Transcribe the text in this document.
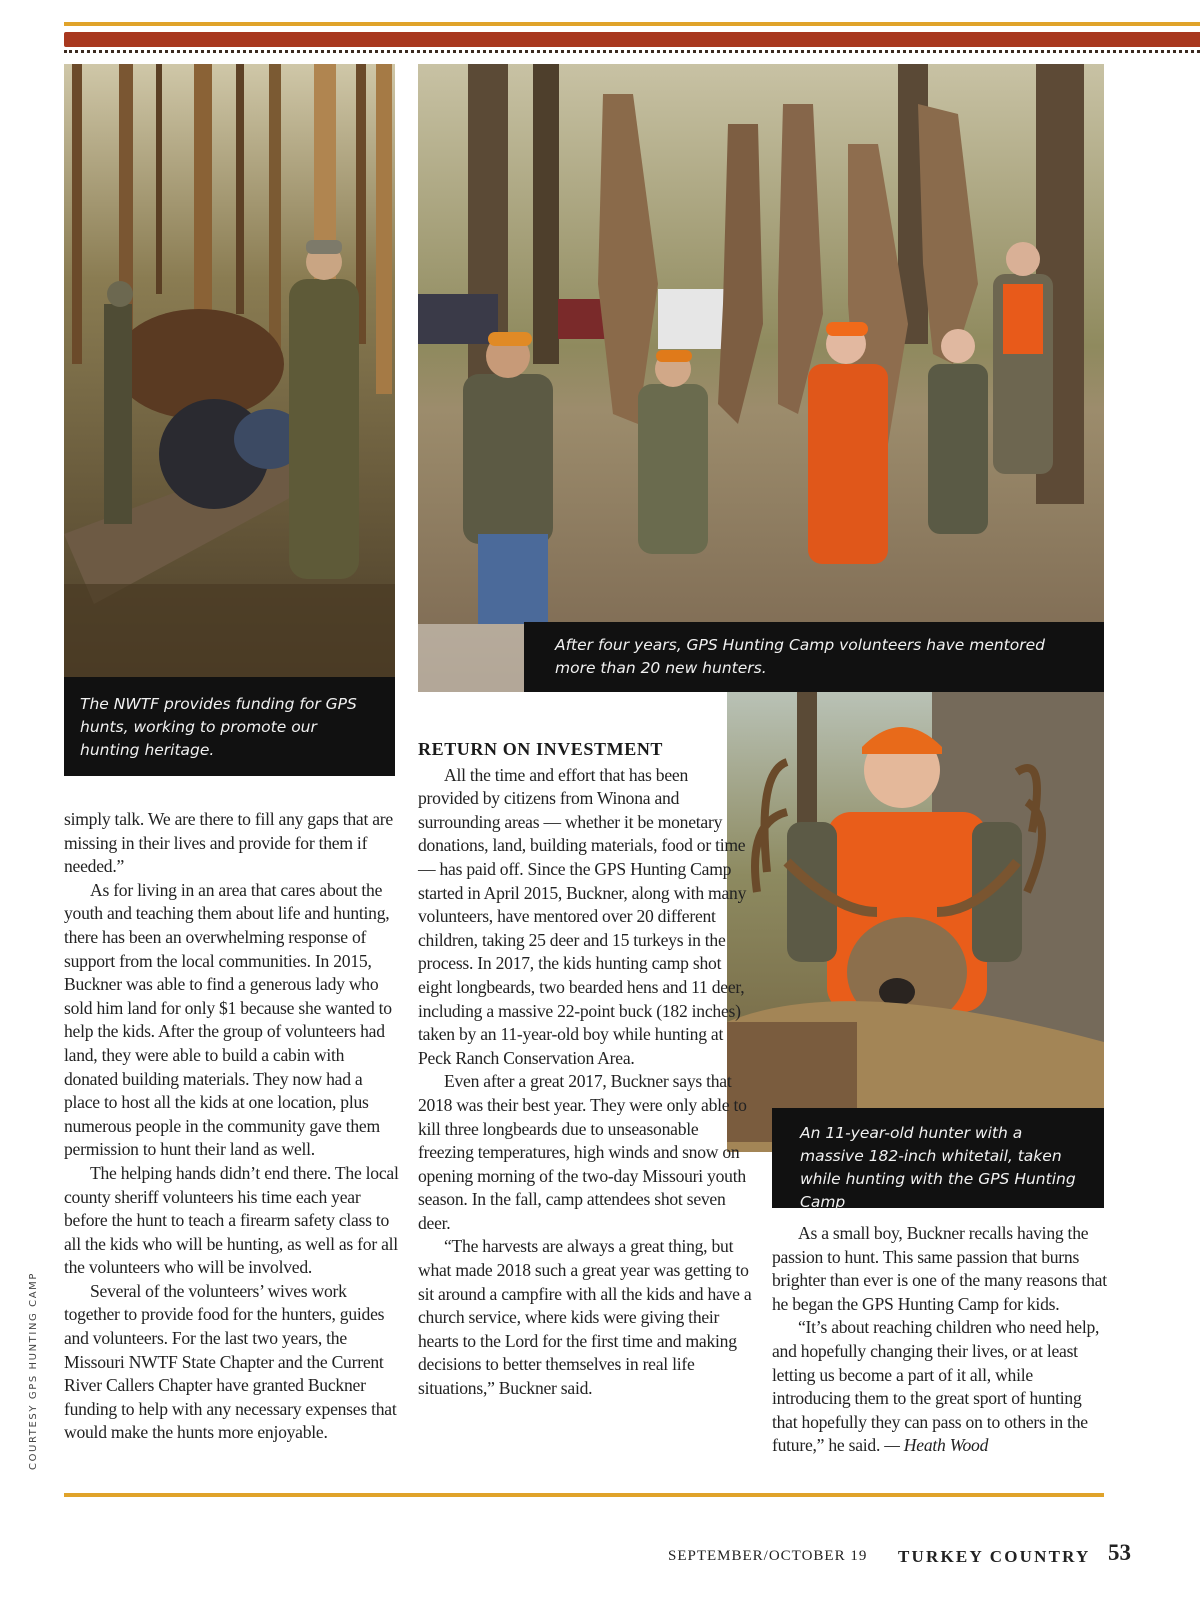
The NWTF provides funding for GPS hunts, working to promote our hunting heritage.
After four years, GPS Hunting Camp volunteers have mentored more than 20 new hunters.
An 11-year-old hunter with a massive 182-inch whitetail, taken while hunting with the GPS Hunting Camp

simply talk. We are there to fill any gaps that are missing in their lives and provide for them if needed.”

As for living in an area that cares about the youth and teaching them about life and hunting, there has been an overwhelming response of support from the local communities. In 2015, Buckner was able to find a generous lady who sold him land for only $1 because she wanted to help the kids. After the group of volunteers had land, they were able to build a cabin with donated building materials. They now had a place to host all the kids at one location, plus numerous people in the community gave them permission to hunt their land as well.

The helping hands didn’t end there. The local county sheriff volunteers his time each year before the hunt to teach a firearm safety class to all the kids who will be hunting, as well as for all the volunteers who will be involved.

Several of the volunteers’ wives work together to provide food for the hunters, guides and volunteers. For the last two years, the Missouri NWTF State Chapter and the Current River Callers Chapter have granted Buckner funding to help with any necessary expenses that would make the hunts more enjoyable.

RETURN ON INVESTMENT

All the time and effort that has been provided by citizens from Winona and surrounding areas — whether it be monetary donations, land, building materials, food or time — has paid off. Since the GPS Hunting Camp started in April 2015, Buckner, along with many volunteers, have mentored over 20 different children, taking 25 deer and 15 turkeys in the process. In 2017, the kids hunting camp shot eight longbeards, two bearded hens and 11 deer, including a massive 22-point buck (182 inches) taken by an 11-year-old boy while hunting at Peck Ranch Conservation Area.

Even after a great 2017, Buckner says that 2018 was their best year. They were only able to kill three longbeards due to unseasonable freezing temperatures, high winds and snow on opening morning of the two-day Missouri youth season. In the fall, camp attendees shot seven deer.

“The harvests are always a great thing, but what made 2018 such a great year was getting to sit around a campfire with all the kids and have a church service, where kids were giving their hearts to the Lord for the first time and making decisions to better themselves in real life situations,” Buckner said.

As a small boy, Buckner recalls having the passion to hunt. This same passion that burns brighter than ever is one of the many reasons that he began the GPS Hunting Camp for kids.

“It’s about reaching children who need help, and hopefully changing their lives, or at least letting us become a part of it all, while introducing them to the great sport of hunting that hopefully they can pass on to others in the future,” he said. — Heath Wood

COURTESY GPS HUNTING CAMP
SEPTEMBER/OCTOBER 19 TURKEY COUNTRY 53
